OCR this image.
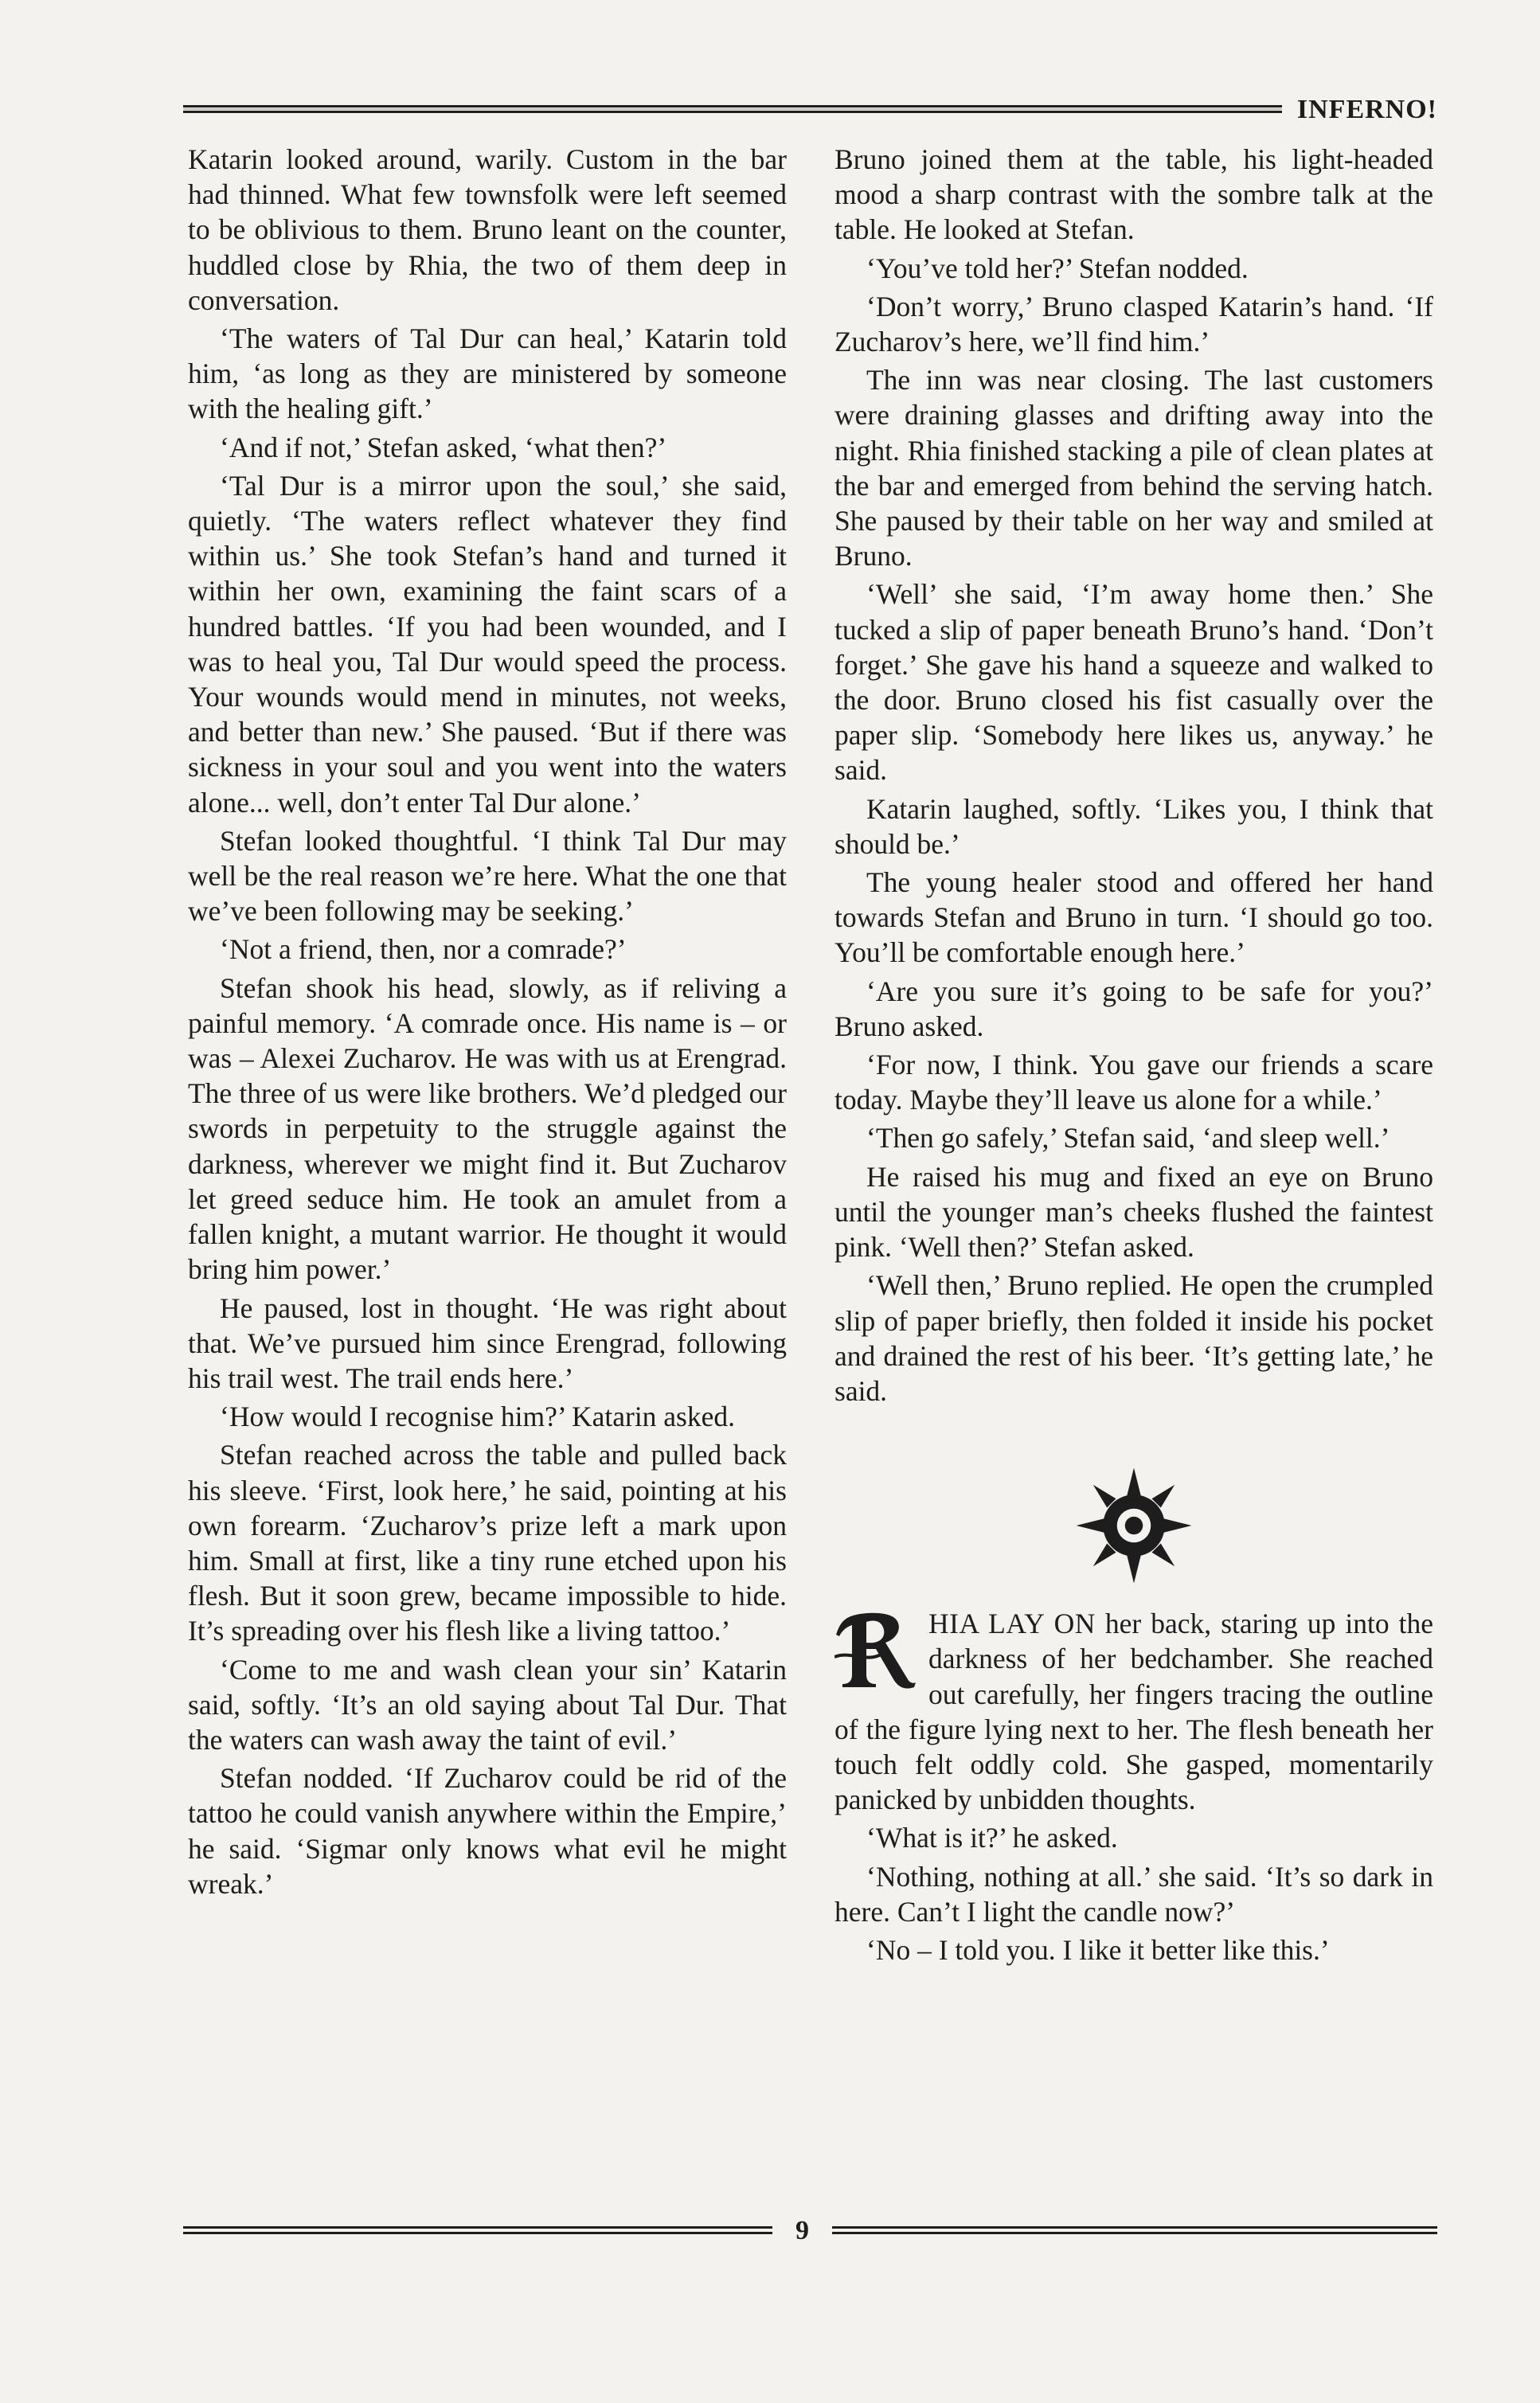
INFERNO!

Katarin looked around, warily. Custom in the bar had thinned. What few townsfolk were left seemed to be oblivious to them. Bruno leant on the counter, huddled close by Rhia, the two of them deep in conversation.

‘The waters of Tal Dur can heal,’ Katarin told him, ‘as long as they are ministered by someone with the healing gift.’

‘And if not,’ Stefan asked, ‘what then?’

‘Tal Dur is a mirror upon the soul,’ she said, quietly. ‘The waters reflect whatever they find within us.’ She took Stefan’s hand and turned it within her own, examining the faint scars of a hundred battles. ‘If you had been wounded, and I was to heal you, Tal Dur would speed the process. Your wounds would mend in minutes, not weeks, and better than new.’ She paused. ‘But if there was sickness in your soul and you went into the waters alone... well, don’t enter Tal Dur alone.’

Stefan looked thoughtful. ‘I think Tal Dur may well be the real reason we’re here. What the one that we’ve been following may be seeking.’

‘Not a friend, then, nor a comrade?’

Stefan shook his head, slowly, as if reliving a painful memory. ‘A comrade once. His name is – or was – Alexei Zucharov. He was with us at Erengrad. The three of us were like brothers. We’d pledged our swords in perpetuity to the struggle against the darkness, wherever we might find it. But Zucharov let greed seduce him. He took an amulet from a fallen knight, a mutant warrior. He thought it would bring him power.’

He paused, lost in thought. ‘He was right about that. We’ve pursued him since Erengrad, following his trail west. The trail ends here.’

‘How would I recognise him?’ Katarin asked.

Stefan reached across the table and pulled back his sleeve. ‘First, look here,’ he said, pointing at his own forearm. ‘Zucharov’s prize left a mark upon him. Small at first, like a tiny rune etched upon his flesh. But it soon grew, became impossible to hide. It’s spreading over his flesh like a living tattoo.’

‘Come to me and wash clean your sin’ Katarin said, softly. ‘It’s an old saying about Tal Dur. That the waters can wash away the taint of evil.’

Stefan nodded. ‘If Zucharov could be rid of the tattoo he could vanish anywhere within the Empire,’ he said. ‘Sigmar only knows what evil he might wreak.’

Bruno joined them at the table, his light-headed mood a sharp contrast with the sombre talk at the table. He looked at Stefan.

‘You’ve told her?’ Stefan nodded.

‘Don’t worry,’ Bruno clasped Katarin’s hand. ‘If Zucharov’s here, we’ll find him.’

The inn was near closing. The last customers were draining glasses and drifting away into the night. Rhia finished stacking a pile of clean plates at the bar and emerged from behind the serving hatch. She paused by their table on her way and smiled at Bruno.

‘Well’ she said, ‘I’m away home then.’ She tucked a slip of paper beneath Bruno’s hand. ‘Don’t forget.’ She gave his hand a squeeze and walked to the door. Bruno closed his fist casually over the paper slip. ‘Somebody here likes us, anyway.’ he said.

Katarin laughed, softly. ‘Likes you, I think that should be.’

The young healer stood and offered her hand towards Stefan and Bruno in turn. ‘I should go too. You’ll be comfortable enough here.’

‘Are you sure it’s going to be safe for you?’ Bruno asked.

‘For now, I think. You gave our friends a scare today. Maybe they’ll leave us alone for a while.’

‘Then go safely,’ Stefan said, ‘and sleep well.’

He raised his mug and fixed an eye on Bruno until the younger man’s cheeks flushed the faintest pink. ‘Well then?’ Stefan asked.

‘Well then,’ Bruno replied. He open the crumpled slip of paper briefly, then folded it inside his pocket and drained the rest of his beer. ‘It’s getting late,’ he said.

HIA LAY ON her back, staring up into the darkness of her bedchamber. She reached out carefully, her fingers tracing the outline of the figure lying next to her. The flesh beneath her touch felt oddly cold. She gasped, momentarily panicked by unbidden thoughts.

‘What is it?’ he asked.

‘Nothing, nothing at all.’ she said. ‘It’s so dark in here. Can’t I light the candle now?’

‘No – I told you. I like it better like this.’

9
